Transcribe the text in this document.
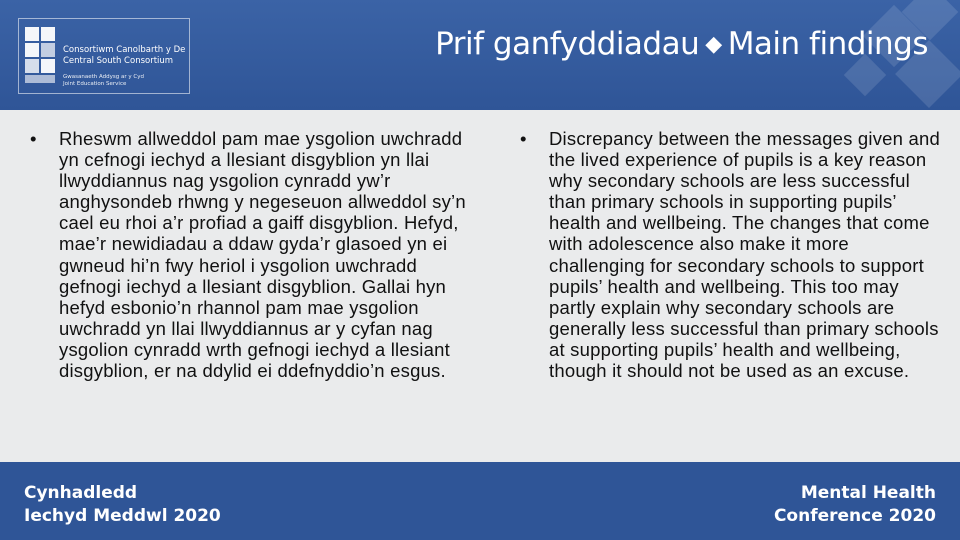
Consortiwm Canolbarth y De
Central South Consortium
Gwasanaeth Addysg ar y Cyd
Joint Education Service
Prif ganfyddiadau ◆ Main findings
• Rheswm allweddol pam mae ysgolion uwchradd yn cefnogi iechyd a llesiant disgyblion yn llai llwyddiannus nag ysgolion cynradd yw’r anghysondeb rhwng y negeseuon allweddol sy’n cael eu rhoi a’r profiad a gaiff disgyblion. Hefyd, mae’r newidiadau a ddaw gyda’r glasoed yn ei gwneud hi’n fwy heriol i ysgolion uwchradd gefnogi iechyd a llesiant disgyblion. Gallai hyn hefyd esbonio’n rhannol pam mae ysgolion uwchradd yn llai llwyddiannus ar y cyfan nag ysgolion cynradd wrth gefnogi iechyd a llesiant disgyblion, er na ddylid ei ddefnyddio’n esgus.
• Discrepancy between the messages given and the lived experience of pupils is a key reason why secondary schools are less successful than primary schools in supporting pupils’ health and wellbeing. The changes that come with adolescence also make it more challenging for secondary schools to support pupils’ health and wellbeing. This too may partly explain why secondary schools are generally less successful than primary schools at supporting pupils’ health and wellbeing, though it should not be used as an excuse.
Cynhadledd
Iechyd Meddwl 2020
Mental Health
Conference 2020
